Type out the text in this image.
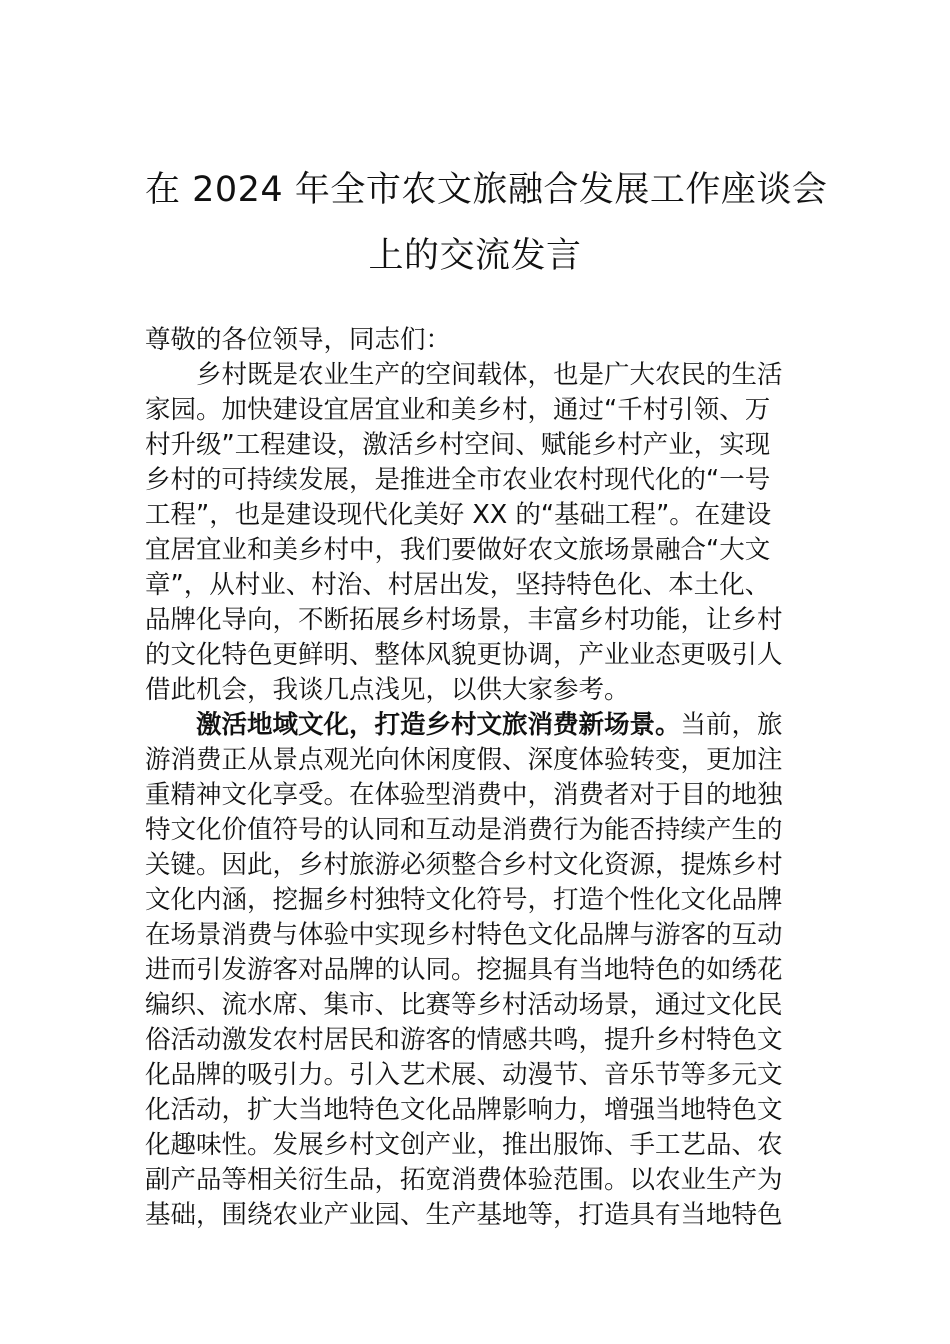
在 2024 年全市农文旅融合发展工作座谈会
上的交流发言
尊敬的各位领导，同志们：
乡村既是农业生产的空间载体，也是广大农民的生活
家园。加快建设宜居宜业和美乡村，通过“千村引领、万
村升级”工程建设，激活乡村空间、赋能乡村产业，实现
乡村的可持续发展，是推进全市农业农村现代化的“一号
工程”，也是建设现代化美好 XX 的“基础工程”。在建设
宜居宜业和美乡村中，我们要做好农文旅场景融合“大文
章”，从村业、村治、村居出发，坚持特色化、本土化、
品牌化导向，不断拓展乡村场景，丰富乡村功能，让乡村
的文化特色更鲜明、整体风貌更协调，产业业态更吸引人
借此机会，我谈几点浅见，以供大家参考。
激活地域文化，打造乡村文旅消费新场景。当前，旅
游消费正从景点观光向休闲度假、深度体验转变，更加注
重精神文化享受。在体验型消费中，消费者对于目的地独
特文化价值符号的认同和互动是消费行为能否持续产生的
关键。因此，乡村旅游必须整合乡村文化资源，提炼乡村
文化内涵，挖掘乡村独特文化符号，打造个性化文化品牌
在场景消费与体验中实现乡村特色文化品牌与游客的互动
进而引发游客对品牌的认同。挖掘具有当地特色的如绣花
编织、流水席、集市、比赛等乡村活动场景，通过文化民
俗活动激发农村居民和游客的情感共鸣，提升乡村特色文
化品牌的吸引力。引入艺术展、动漫节、音乐节等多元文
化活动，扩大当地特色文化品牌影响力，增强当地特色文
化趣味性。发展乡村文创产业，推出服饰、手工艺品、农
副产品等相关衍生品，拓宽消费体验范围。以农业生产为
基础，围绕农业产业园、生产基地等，打造具有当地特色
